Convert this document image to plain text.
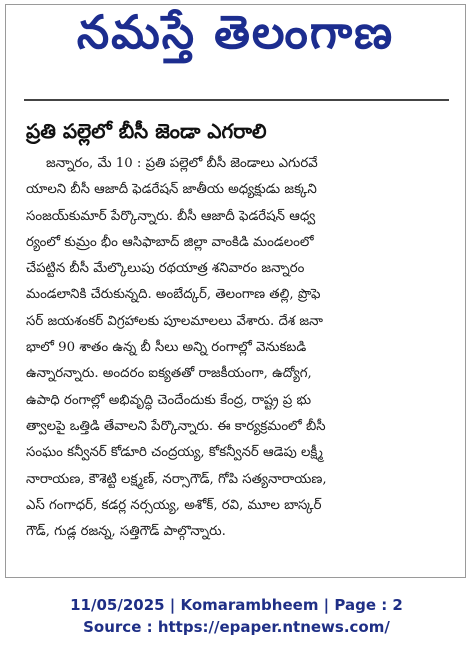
నమస్తే తెలంగాణ
ప్రతి పల్లెలో బీసీ జెండా ఎగరాలి
జన్నారం, మే 10 : ప్రతి పల్లెలో బీసీ జెండాలు ఎగురవే
యాలని బీసీ ఆజాదీ ఫెడరేషన్ జాతీయ అధ్యక్షుడు జక్కని
సంజయ్‌కుమార్ పేర్కొన్నారు. బీసీ ఆజాదీ ఫెడరేషన్ ఆధ్వ
ర్యంలో కుమ్రం భీం ఆసిఫాబాద్ జిల్లా వాంకిడి మండలంలో
చేపట్టిన బీసీ మేల్కొలుపు రథయాత్ర శనివారం జన్నారం
మండలానికి చేరుకున్నది. అంబేద్కర్, తెలంగాణ తల్లి, ప్రొఫె
సర్ జయశంకర్ విగ్రహాలకు పూలమాలలు వేశారు. దేశ జనా
భాలో 90 శాతం ఉన్న బీ సీలు అన్ని రంగాల్లో వెనుకబడి
ఉన్నారన్నారు. అందరం ఐక్యతతో రాజకీయంగా, ఉద్యోగ,
ఉపాధి రంగాల్లో అభివృద్ధి చెందేందుకు కేంద్ర, రాష్ట్ర ప్ర భు
త్వాలపై ఒత్తిడి తేవాలని పేర్కొన్నారు. ఈ కార్యక్రమంలో బీసీ
సంఘం కన్వీనర్ కోడూరి చంద్రయ్య, కోకన్వీనర్ ఆడెపు లక్ష్మీ
నారాయణ, కౌశెట్టి లక్ష్మణ్, నర్సాగౌడ్, గోపి సత్యనారాయణ,
ఎస్ గంగాధర్, కడర్ల నర్సయ్య, అశోక్, రవి, మూల బాస్కర్
గౌడ్, గుడ్ల రజన్న, సత్తిగౌడ్ పాల్గొన్నారు.
11/05/2025 | Komarambheem | Page : 2
Source : https://epaper.ntnews.com/
